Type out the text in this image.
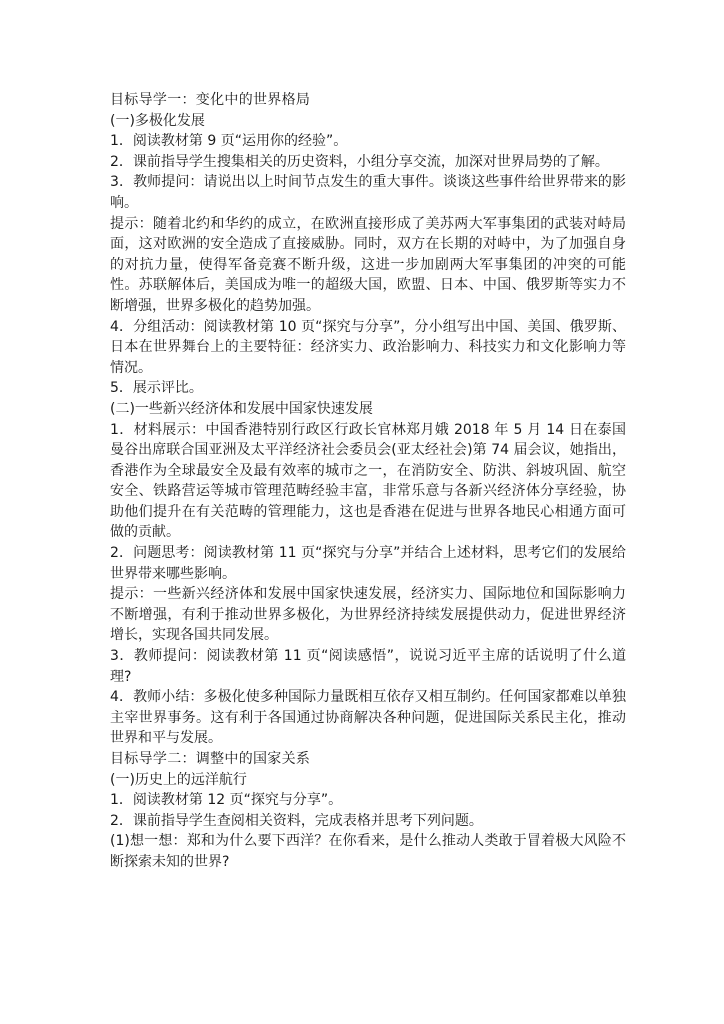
目标导学一：变化中的世界格局

(一)多极化发展

1．阅读教材第 9 页“运用你的经验”。

2．课前指导学生搜集相关的历史资料，小组分享交流，加深对世界局势的了解。

3．教师提问：请说出以上时间节点发生的重大事件。谈谈这些事件给世界带来的影响。

提示：随着北约和华约的成立，在欧洲直接形成了美苏两大军事集团的武装对峙局面，这对欧洲的安全造成了直接威胁。同时，双方在长期的对峙中，为了加强自身的对抗力量，使得军备竞赛不断升级，这进一步加剧两大军事集团的冲突的可能性。苏联解体后，美国成为唯一的超级大国，欧盟、日本、中国、俄罗斯等实力不断增强，世界多极化的趋势加强。

4．分组活动：阅读教材第 10 页“探究与分享”，分小组写出中国、美国、俄罗斯、日本在世界舞台上的主要特征：经济实力、政治影响力、科技实力和文化影响力等情况。

5．展示评比。

(二)一些新兴经济体和发展中国家快速发展

1．材料展示：中国香港特别行政区行政长官林郑月娥 2018 年 5 月 14 日在泰国曼谷出席联合国亚洲及太平洋经济社会委员会(亚太经社会)第 74 届会议，她指出，香港作为全球最安全及最有效率的城市之一，在消防安全、防洪、斜坡巩固、航空安全、铁路营运等城市管理范畴经验丰富，非常乐意与各新兴经济体分享经验，协助他们提升在有关范畴的管理能力，这也是香港在促进与世界各地民心相通方面可做的贡献。

2．问题思考：阅读教材第 11 页“探究与分享”并结合上述材料，思考它们的发展给世界带来哪些影响。

提示：一些新兴经济体和发展中国家快速发展，经济实力、国际地位和国际影响力不断增强，有利于推动世界多极化，为世界经济持续发展提供动力，促进世界经济增长，实现各国共同发展。

3．教师提问：阅读教材第 11 页“阅读感悟”，说说习近平主席的话说明了什么道理?

4．教师小结：多极化使多种国际力量既相互依存又相互制约。任何国家都难以单独主宰世界事务。这有利于各国通过协商解决各种问题，促进国际关系民主化，推动世界和平与发展。

目标导学二：调整中的国家关系

(一)历史上的远洋航行

1．阅读教材第 12 页“探究与分享”。

2．课前指导学生查阅相关资料，完成表格并思考下列问题。

(1)想一想：郑和为什么要下西洋？在你看来，是什么推动人类敢于冒着极大风险不断探索未知的世界?
